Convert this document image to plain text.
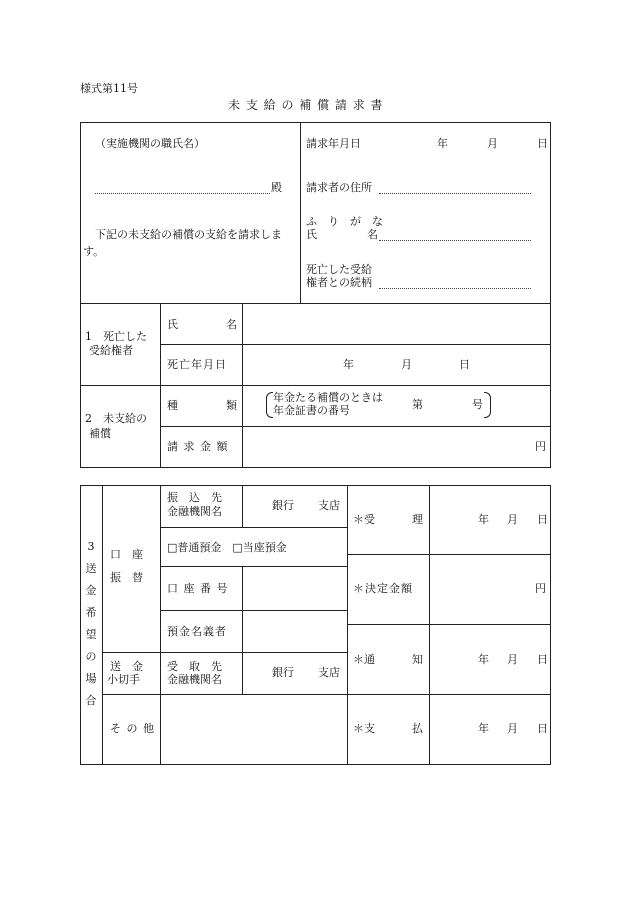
様式第11号
未 支 給 の 補 償 請 求 書
（実施機関の職氏名）
殿
下記の未支給の補償の支給を請求しま
す。
請求年月日	年	月	日
請求者の住所
ふ　り　が　な
氏	名
死亡した受給
権者との続柄
1　死亡した
受給権者
氏	名
死亡年月日	年	月	日
2　未支給の
補償
種	類
年金たる補償のときは
年金証書の番号	第	号
請 求 金 額	円
3送金希望の場合
口　座
振　替
振　込　先
金融機関名	銀行 支店
□普通預金　□当座預金
口 座 番 号
預金名義者
送　金
小切手
受　取　先
金融機関名
銀行 支店
そ の 他
＊受	理	年 月 日
＊決定金額	円
＊通	知	年 月 日
＊支	払	年 月 日
